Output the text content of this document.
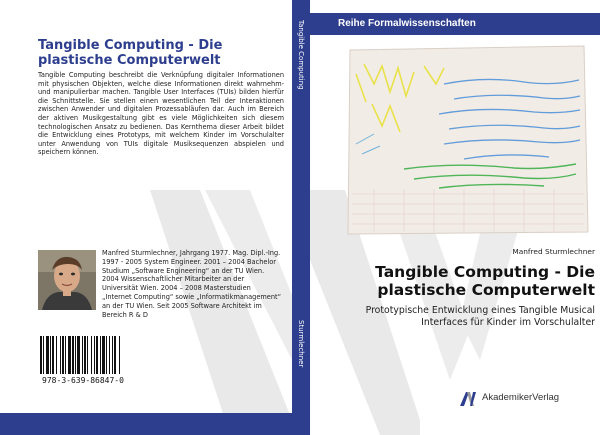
Tangible Computing - Die plastische Computerwelt
Tangible Computing beschreibt die Verknüpfung digitaler Informationen mit physischen Objekten, welche diese Informationen direkt wahrnehm- und manipulierbar machen. Tangible User Interfaces (TUIs) bilden hierfür die Schnittstelle. Sie stellen einen wesentlichen Teil der Interaktionen zwischen Anwender und digitalen Prozessabläufen dar. Auch im Bereich der aktiven Musikgestaltung gibt es viele Möglichkeiten sich diesem technologischen Ansatz zu bedienen. Das Kernthema dieser Arbeit bildet die Entwicklung eines Prototyps, mit welchem Kinder im Vorschulalter unter Anwendung von TUIs digitale Musiksequenzen abspielen und speichern können.
Manfred Sturmlechner, Jahrgang 1977. Mag. Dipl.-Ing. 1997 - 2005 System Engineer. 2001 – 2004 Bachelor Studium „Software Engineering“ an der TU Wien. 2004 Wissenschaftlicher Mitarbeiter an der Universität Wien. 2004 – 2008 Masterstudien „Internet Computing“ sowie „Informatikmanagement“ an der TU Wien. Seit 2005 Software Architekt im Bereich R & D
978-3-639-86847-0
Tangible Computing
Sturmlechner
Reihe Formalwissenschaften
Manfred Sturmlechner
Tangible Computing - Die plastische Computerwelt
Prototypische Entwicklung eines Tangible Musical Interfaces für Kinder im Vorschulalter
AkademikerVerlag
